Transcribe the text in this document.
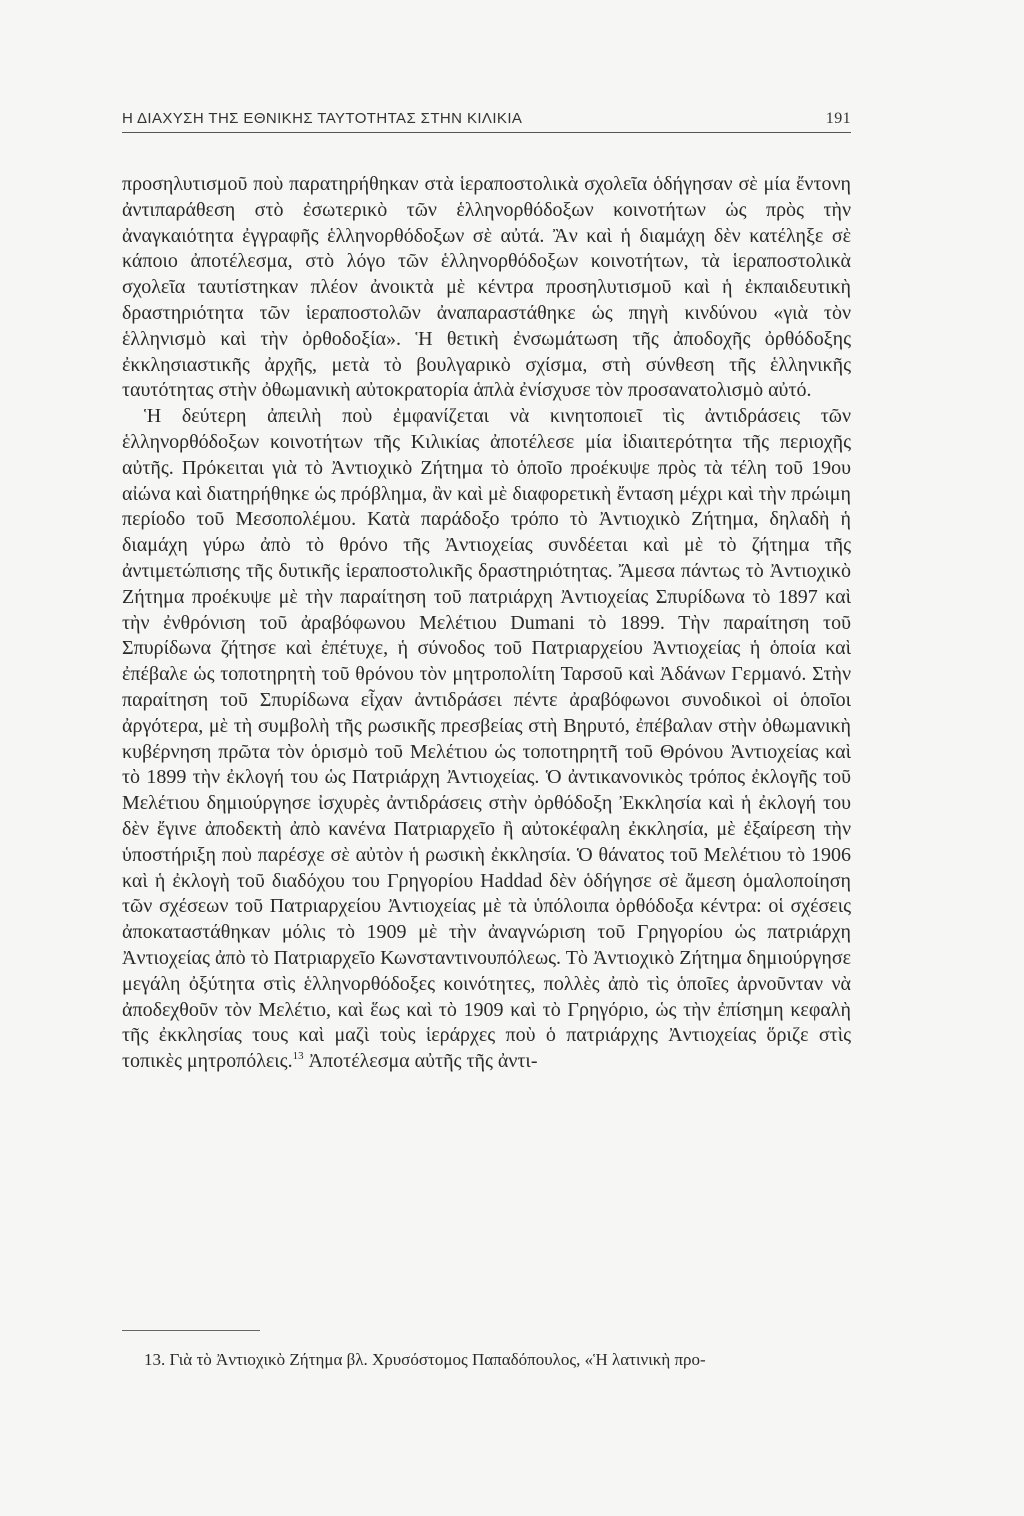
Η ΔΙΑΧΥΣΗ ΤΗΣ ΕΘΝΙΚΗΣ ΤΑΥΤΟΤΗΤΑΣ ΣΤΗΝ ΚΙΛΙΚΙΑ	191

προσηλυτισμοῦ ποὺ παρατηρήθηκαν στὰ ἱεραποστολικὰ σχολεῖα ὁδήγησαν σὲ μία ἔντονη ἀντιπαράθεση στὸ ἐσωτερικὸ τῶν ἑλληνορθόδοξων κοινοτήτων ὡς πρὸς τὴν ἀναγκαιότητα ἐγγραφῆς ἑλληνορθόδοξων σὲ αὐτά. Ἂν καὶ ἡ διαμάχη δὲν κατέληξε σὲ κάποιο ἀποτέλεσμα, στὸ λόγο τῶν ἑλληνορθόδοξων κοινοτήτων, τὰ ἱεραποστολικὰ σχολεῖα ταυτίστηκαν πλέον ἀνοικτὰ μὲ κέντρα προσηλυτισμοῦ καὶ ἡ ἐκπαιδευτικὴ δραστηριότητα τῶν ἱεραποστολῶν ἀναπαραστάθηκε ὡς πηγὴ κινδύνου «γιὰ τὸν ἑλληνισμὸ καὶ τὴν ὀρθοδοξία». Ἡ θετικὴ ἐνσωμάτωση τῆς ἀποδοχῆς ὀρθόδοξης ἐκκλησιαστικῆς ἀρχῆς, μετὰ τὸ βουλγαρικὸ σχίσμα, στὴ σύνθεση τῆς ἑλληνικῆς ταυτότητας στὴν ὀθωμανικὴ αὐτοκρατορία ἁπλὰ ἐνίσχυσε τὸν προσανατολισμὸ αὐτό.

Ἡ δεύτερη ἀπειλὴ ποὺ ἐμφανίζεται νὰ κινητοποιεῖ τὶς ἀντιδράσεις τῶν ἑλληνορθόδοξων κοινοτήτων τῆς Κιλικίας ἀποτέλεσε μία ἰδιαιτερότητα τῆς περιοχῆς αὐτῆς. Πρόκειται γιὰ τὸ Ἀντιοχικὸ Ζήτημα τὸ ὁποῖο προέκυψε πρὸς τὰ τέλη τοῦ 19ου αἰώνα καὶ διατηρήθηκε ὡς πρόβλημα, ἂν καὶ μὲ διαφορετικὴ ἔνταση μέχρι καὶ τὴν πρώιμη περίοδο τοῦ Μεσοπολέμου. Κατὰ παράδοξο τρόπο τὸ Ἀντιοχικὸ Ζήτημα, δηλαδὴ ἡ διαμάχη γύρω ἀπὸ τὸ θρόνο τῆς Ἀντιοχείας συνδέεται καὶ μὲ τὸ ζήτημα τῆς ἀντιμετώπισης τῆς δυτικῆς ἱεραποστολικῆς δραστηριότητας. Ἄμεσα πάντως τὸ Ἀντιοχικὸ Ζήτημα προέκυψε μὲ τὴν παραίτηση τοῦ πατριάρχη Ἀντιοχείας Σπυρίδωνα τὸ 1897 καὶ τὴν ἐνθρόνιση τοῦ ἀραβόφωνου Μελέτιου Dumani τὸ 1899. Τὴν παραίτηση τοῦ Σπυρίδωνα ζήτησε καὶ ἐπέτυχε, ἡ σύνοδος τοῦ Πατριαρχείου Ἀντιοχείας ἡ ὁποία καὶ ἐπέβαλε ὡς τοποτηρητὴ τοῦ θρόνου τὸν μητροπολίτη Ταρσοῦ καὶ Ἀδάνων Γερμανό. Στὴν παραίτηση τοῦ Σπυρίδωνα εἶχαν ἀντιδράσει πέντε ἀραβόφωνοι συνοδικοὶ οἱ ὁποῖοι ἀργότερα, μὲ τὴ συμβολὴ τῆς ρωσικῆς πρεσβείας στὴ Βηρυτό, ἐπέβαλαν στὴν ὀθωμανικὴ κυβέρνηση πρῶτα τὸν ὁρισμὸ τοῦ Μελέτιου ὡς τοποτηρητῆ τοῦ Θρόνου Ἀντιοχείας καὶ τὸ 1899 τὴν ἐκλογή του ὡς Πατριάρχη Ἀντιοχείας. Ὁ ἀντικανονικὸς τρόπος ἐκλογῆς τοῦ Μελέτιου δημιούργησε ἰσχυρὲς ἀντιδράσεις στὴν ὀρθόδοξη Ἐκκλησία καὶ ἡ ἐκλογή του δὲν ἔγινε ἀποδεκτὴ ἀπὸ κανένα Πατριαρχεῖο ἢ αὐτοκέφαλη ἐκκλησία, μὲ ἐξαίρεση τὴν ὑποστήριξη ποὺ παρέσχε σὲ αὐτὸν ἡ ρωσικὴ ἐκκλησία. Ὁ θάνατος τοῦ Μελέτιου τὸ 1906 καὶ ἡ ἐκλογὴ τοῦ διαδόχου του Γρηγορίου Haddad δὲν ὁδήγησε σὲ ἄμεση ὁμαλοποίηση τῶν σχέσεων τοῦ Πατριαρχείου Ἀντιοχείας μὲ τὰ ὑπόλοιπα ὀρθόδοξα κέντρα: οἱ σχέσεις ἀποκαταστάθηκαν μόλις τὸ 1909 μὲ τὴν ἀναγνώριση τοῦ Γρηγορίου ὡς πατριάρχη Ἀντιοχείας ἀπὸ τὸ Πατριαρχεῖο Κωνσταντινουπόλεως. Τὸ Ἀντιοχικὸ Ζήτημα δημιούργησε μεγάλη ὀξύτητα στὶς ἑλληνορθόδοξες κοινότητες, πολλὲς ἀπὸ τὶς ὁποῖες ἀρνοῦνταν νὰ ἀποδεχθοῦν τὸν Μελέτιο, καὶ ἕως καὶ τὸ 1909 καὶ τὸ Γρηγόριο, ὡς τὴν ἐπίσημη κεφαλὴ τῆς ἐκκλησίας τους καὶ μαζὶ τοὺς ἱεράρχες ποὺ ὁ πατριάρχης Ἀντιοχείας ὅριζε στὶς τοπικὲς μητροπόλεις.$^{13}$ Ἀποτέλεσμα αὐτῆς τῆς ἀντι-

13. Γιὰ τὸ Ἀντιοχικὸ Ζήτημα βλ. Χρυσόστομος Παπαδόπουλος, «Ἡ λατινικὴ προ-
